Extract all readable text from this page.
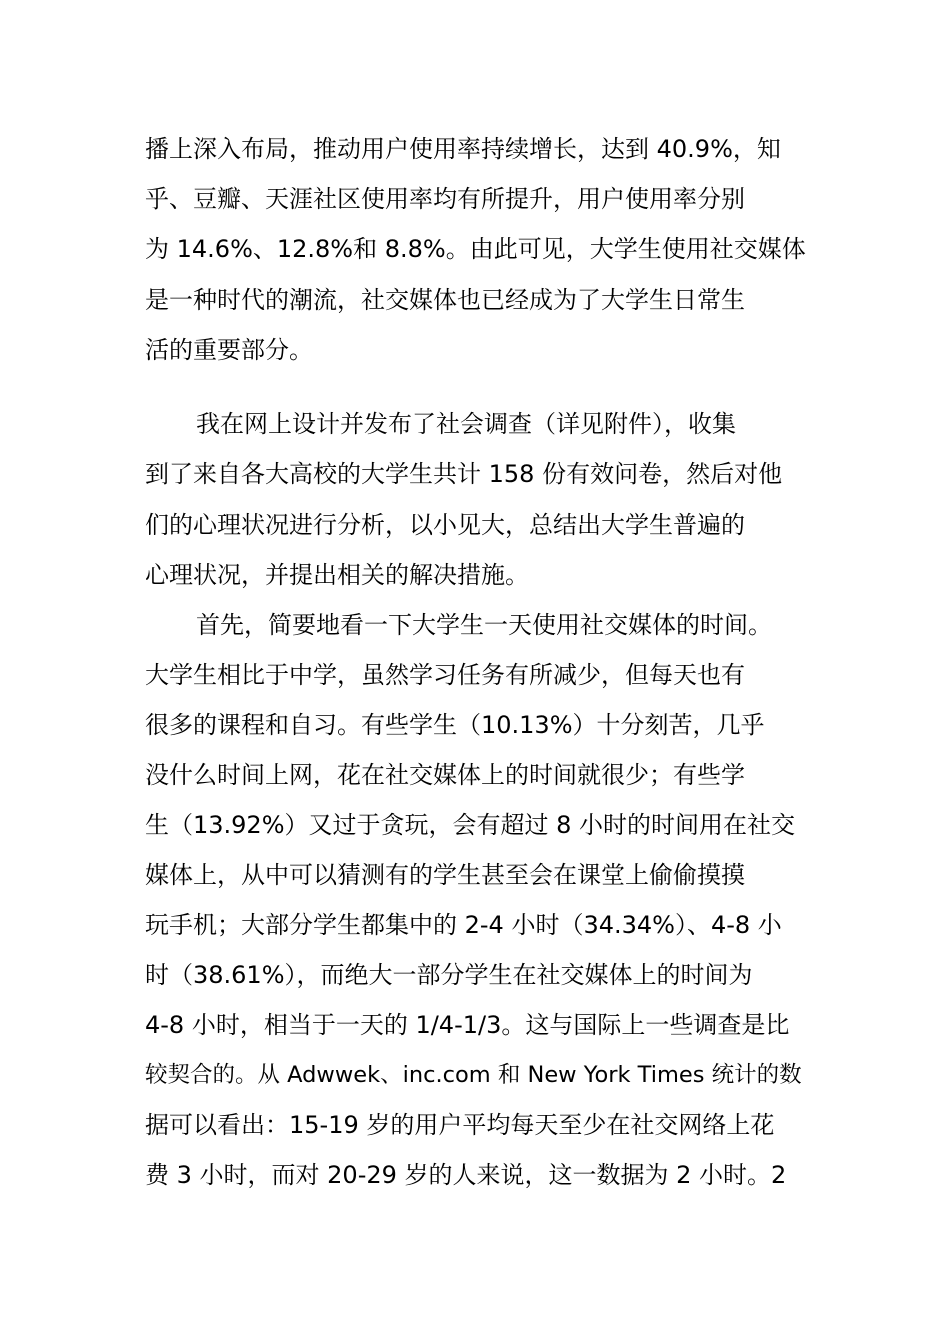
播上深入布局，推动用户使用率持续增长，达到 40.9%，知
乎、豆瓣、天涯社区使用率均有所提升，用户使用率分别
为 14.6%、12.8%和 8.8%。由此可见，大学生使用社交媒体
是一种时代的潮流，社交媒体也已经成为了大学生日常生
活的重要部分。
我在网上设计并发布了社会调查（详见附件），收集
到了来自各大高校的大学生共计 158 份有效问卷，然后对他
们的心理状况进行分析，以小见大，总结出大学生普遍的
心理状况，并提出相关的解决措施。
首先，简要地看一下大学生一天使用社交媒体的时间。
大学生相比于中学，虽然学习任务有所减少，但每天也有
很多的课程和自习。有些学生（10.13%）十分刻苦，几乎
没什么时间上网，花在社交媒体上的时间就很少；有些学
生（13.92%）又过于贪玩，会有超过 8 小时的时间用在社交
媒体上，从中可以猜测有的学生甚至会在课堂上偷偷摸摸
玩手机；大部分学生都集中的 2-4 小时（34.34%）、4-8 小
时（38.61%），而绝大一部分学生在社交媒体上的时间为
4-8 小时，相当于一天的 1/4-1/3。这与国际上一些调查是比
较契合的。从 Adwwek、inc.com 和 New York Times 统计的数
据可以看出：15-19 岁的用户平均每天至少在社交网络上花
费 3 小时，而对 20-29 岁的人来说，这一数据为 2 小时。2
